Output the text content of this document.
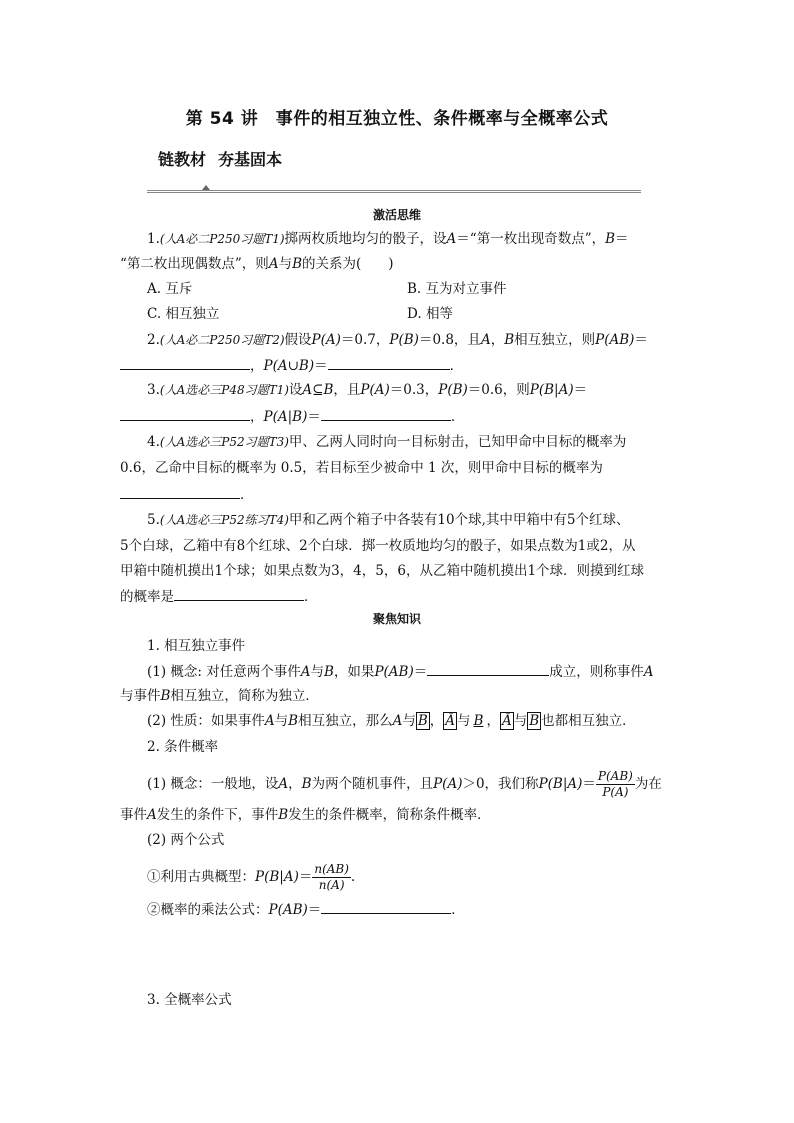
第 54 讲　事件的相互独立性、条件概率与全概率公式
链教材 夯基固本
激活思维
1.(人A必二P250习题T1)掷两枚质地均匀的骰子，设A＝“第一枚出现奇数点”，B＝
“第二枚出现偶数点”，则A与B的关系为(　　)
A. 互斥	B. 互为对立事件
C. 相互独立	D. 相等
2.(人A必二P250习题T2)假设P(A)＝0.7，P(B)＝0.8，且A，B相互独立，则P(AB)＝
，P(A∪B)＝	．
3.(人A选必三P48习题T1)设A⊆B，且P(A)＝0.3，P(B)＝0.6，则P(B|A)＝
，P(A|B)＝	．
4.(人A选必三P52习题T3)甲、乙两人同时向一目标射击，已知甲命中目标的概率为
0.6，乙命中目标的概率为 0.5，若目标至少被命中 1 次，则甲命中目标的概率为
．
5.(人A选必三P52练习T4)甲和乙两个箱子中各装有10个球,其中甲箱中有5个红球、
5个白球，乙箱中有8个红球、2个白球．掷一枚质地均匀的骰子，如果点数为1或2，从
甲箱中随机摸出1个球；如果点数为3，4，5，6，从乙箱中随机摸出1个球．则摸到红球
的概率是	．
聚焦知识
1. 相互独立事件
(1) 概念: 对任意两个事件A与B，如果P(AB)＝	成立，则称事件A
与事件B相互独立，简称为独立．
(2) 性质：如果事件A与B相互独立，那么A与 B̄ ， Ā 与 B ， Ā 与 B̄ 也都相互独立．
2. 条件概率
(1) 概念：一般地，设A，B为两个随机事件，且P(A)＞0，我们称$P(B|A)= \frac{P(AB)}{P(A)}$ 为在
事件A发生的条件下，事件B发生的条件概率，简称条件概率．
(2) 两个公式
①利用古典概型：$P(B|A)= \frac{n(AB)}{n(A)}$ .
②概率的乘法公式：P(AB)＝	．
3. 全概率公式
